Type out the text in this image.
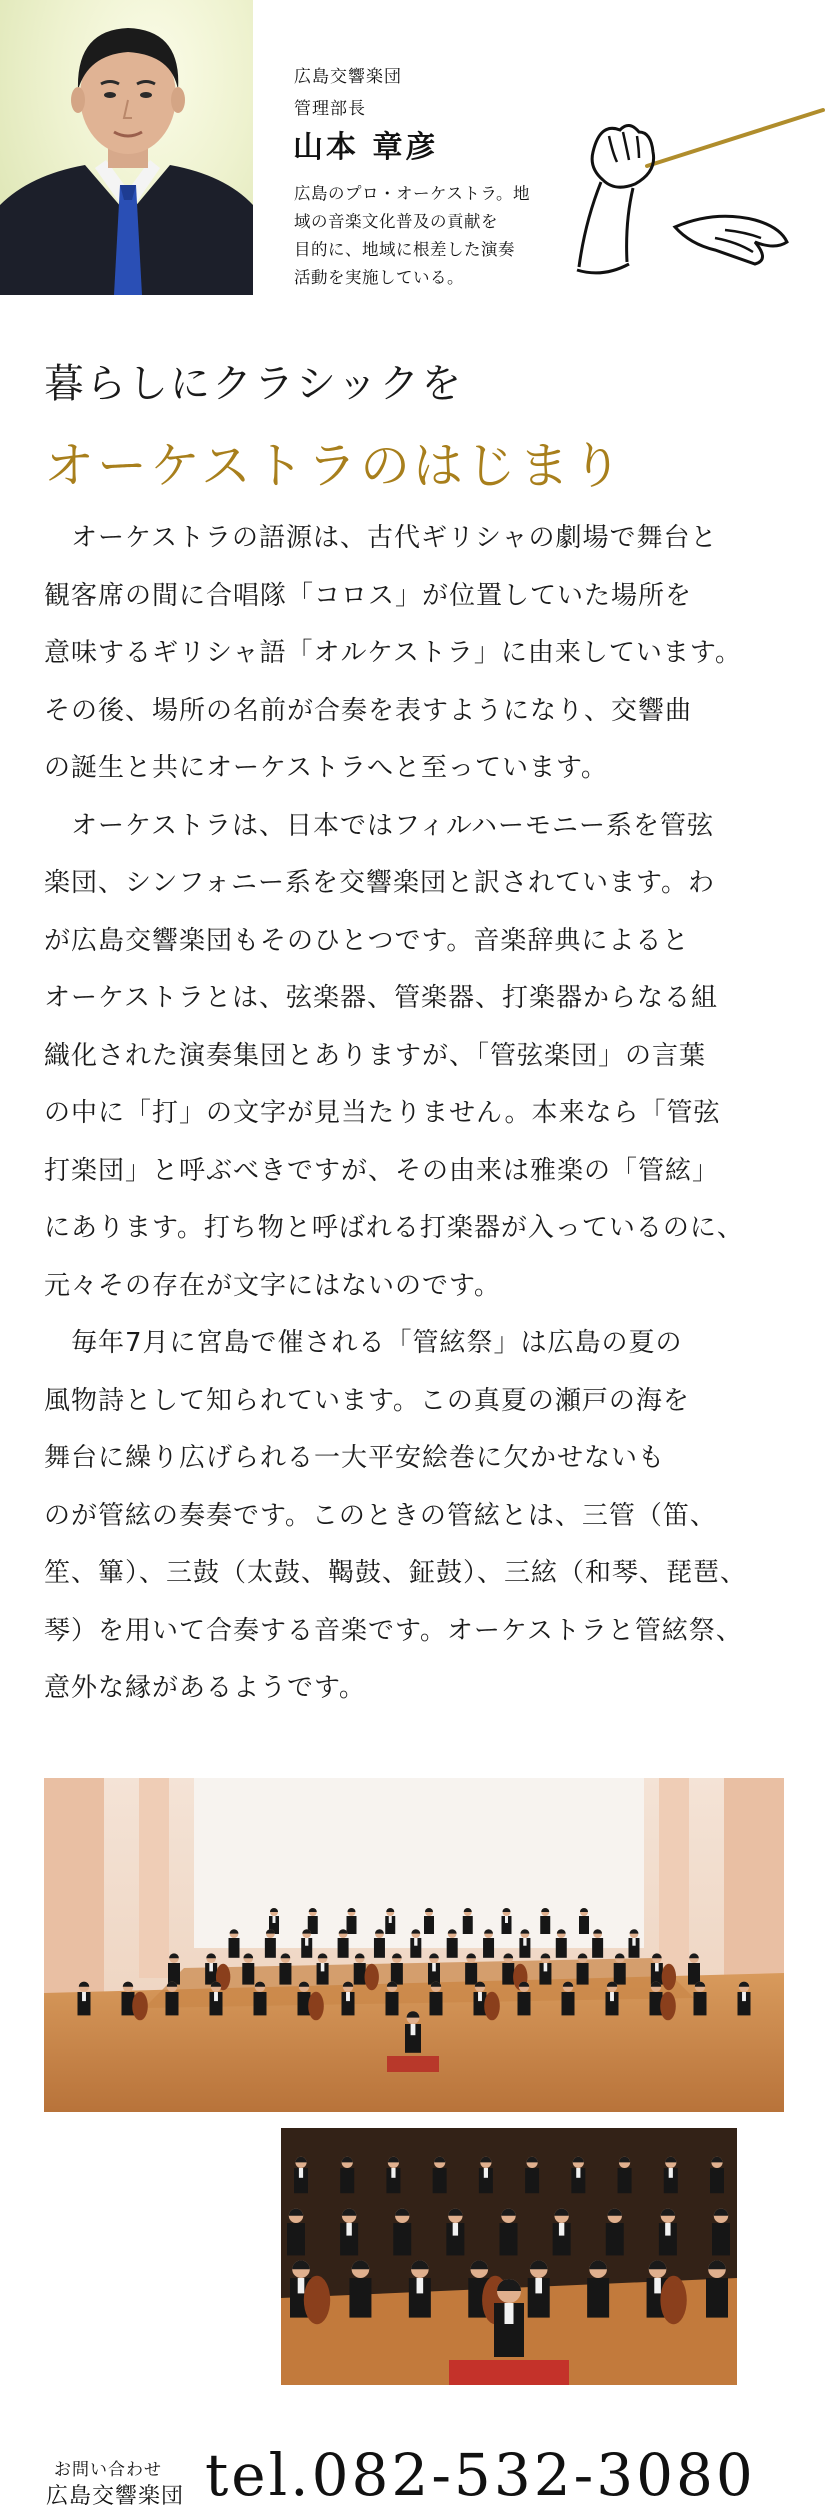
広島交響楽団
管理部長
山本 章彦
広島のプロ・オーケストラ。地
域の音楽文化普及の貢献を
目的に、地域に根差した演奏
活動を実施している。
暮らしにクラシックを
オーケストラのはじまり
　オーケストラの語源は、古代ギリシャの劇場で舞台と
観客席の間に合唱隊「コロス」が位置していた場所を
意味するギリシャ語「オルケストラ」に由来しています。
その後、場所の名前が合奏を表すようになり、交響曲
の誕生と共にオーケストラへと至っています。
　オーケストラは、日本ではフィルハーモニー系を管弦
楽団、シンフォニー系を交響楽団と訳されています。わ
が広島交響楽団もそのひとつです。音楽辞典によると
オーケストラとは、弦楽器、管楽器、打楽器からなる組
織化された演奏集団とありますが、「管弦楽団」の言葉
の中に「打」の文字が見当たりません。本来なら「管弦
打楽団」と呼ぶべきですが、その由来は雅楽の「管絃」
にあります。打ち物と呼ばれる打楽器が入っているのに、
元々その存在が文字にはないのです。
　毎年7月に宮島で催される「管絃祭」は広島の夏の
風物詩として知られています。この真夏の瀬戸の海を
舞台に繰り広げられる一大平安絵巻に欠かせないも
のが管絃の奏奏です。このときの管絃とは、三管（笛、
笙、篳）、三鼓（太鼓、鞨鼓、鉦鼓）、三絃（和琴、琵琶、
琴）を用いて合奏する音楽です。オーケストラと管絃祭、
意外な縁があるようです。
お問い合わせ
広島交響楽団 tel.082-532-3080
